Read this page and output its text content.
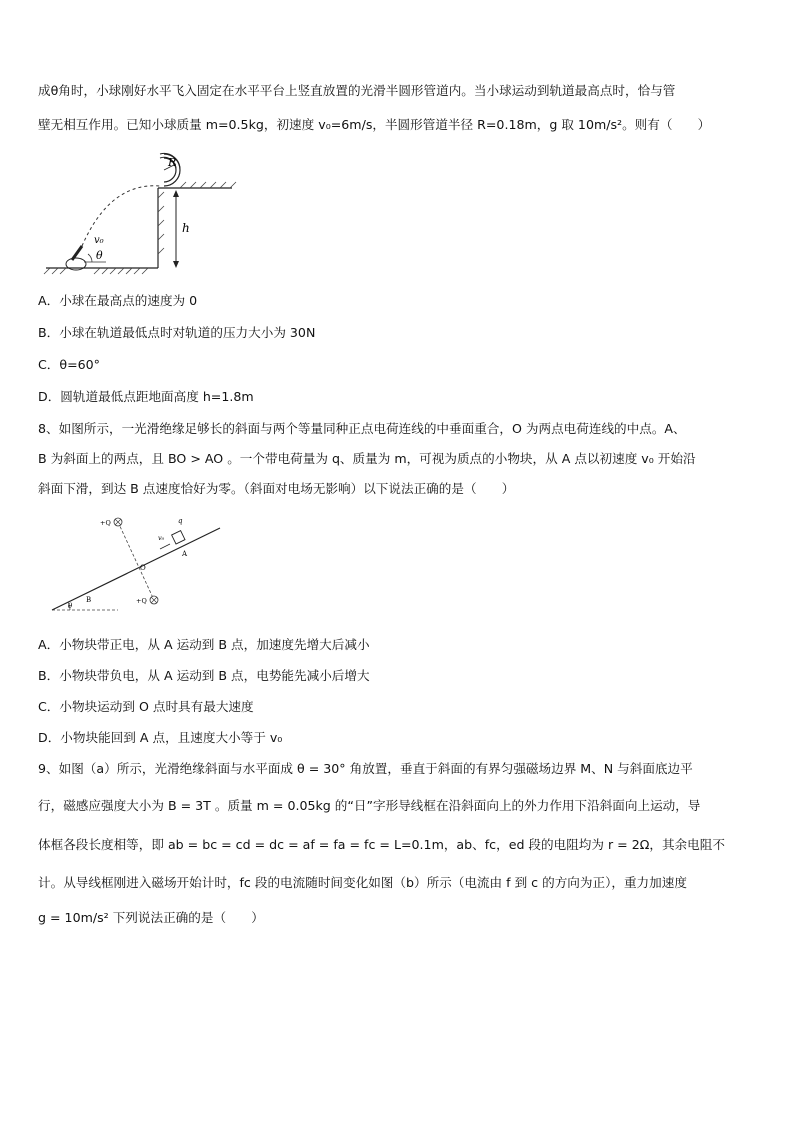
成θ角时，小球刚好水平飞入固定在水平平台上竖直放置的光滑半圆形管道内。当小球运动到轨道最高点时，恰与管
壁无相互作用。已知小球质量 m=0.5kg，初速度 v₀=6m/s，半圆形管道半径 R=0.18m，g 取 10m/s²。则有（　　）
R
v₀
θ
h
A．小球在最高点的速度为 0
B．小球在轨道最低点时对轨道的压力大小为 30N
C．θ=60°
D．圆轨道最低点距地面高度 h=1.8m
8、如图所示，一光滑绝缘足够长的斜面与两个等量同种正点电荷连线的中垂面重合，O 为两点电荷连线的中点。A、
B 为斜面上的两点，且 BO > AO 。一个带电荷量为 q、质量为 m，可视为质点的小物块，从 A 点以初速度 v₀ 开始沿
斜面下滑，到达 B 点速度恰好为零。（斜面对电场无影响）以下说法正确的是（　　）
θ
+Q
+Q
O
q
v₀
A
B
A．小物块带正电，从 A 运动到 B 点，加速度先增大后减小
B．小物块带负电，从 A 运动到 B 点，电势能先减小后增大
C．小物块运动到 O 点时具有最大速度
D．小物块能回到 A 点，且速度大小等于 v₀
9、如图（a）所示，光滑绝缘斜面与水平面成 θ = 30° 角放置，垂直于斜面的有界匀强磁场边界 M、N 与斜面底边平
行，磁感应强度大小为 B = 3T 。质量 m = 0.05kg 的“日”字形导线框在沿斜面向上的外力作用下沿斜面向上运动，导
体框各段长度相等，即 ab = bc = cd = dc = af = fa = fc = L=0.1m，ab、fc，ed 段的电阻均为 r = 2Ω，其余电阻不
计。从导线框刚进入磁场开始计时，fc 段的电流随时间变化如图（b）所示（电流由 f 到 c 的方向为正），重力加速度
g = 10m/s² 下列说法正确的是（　　）
